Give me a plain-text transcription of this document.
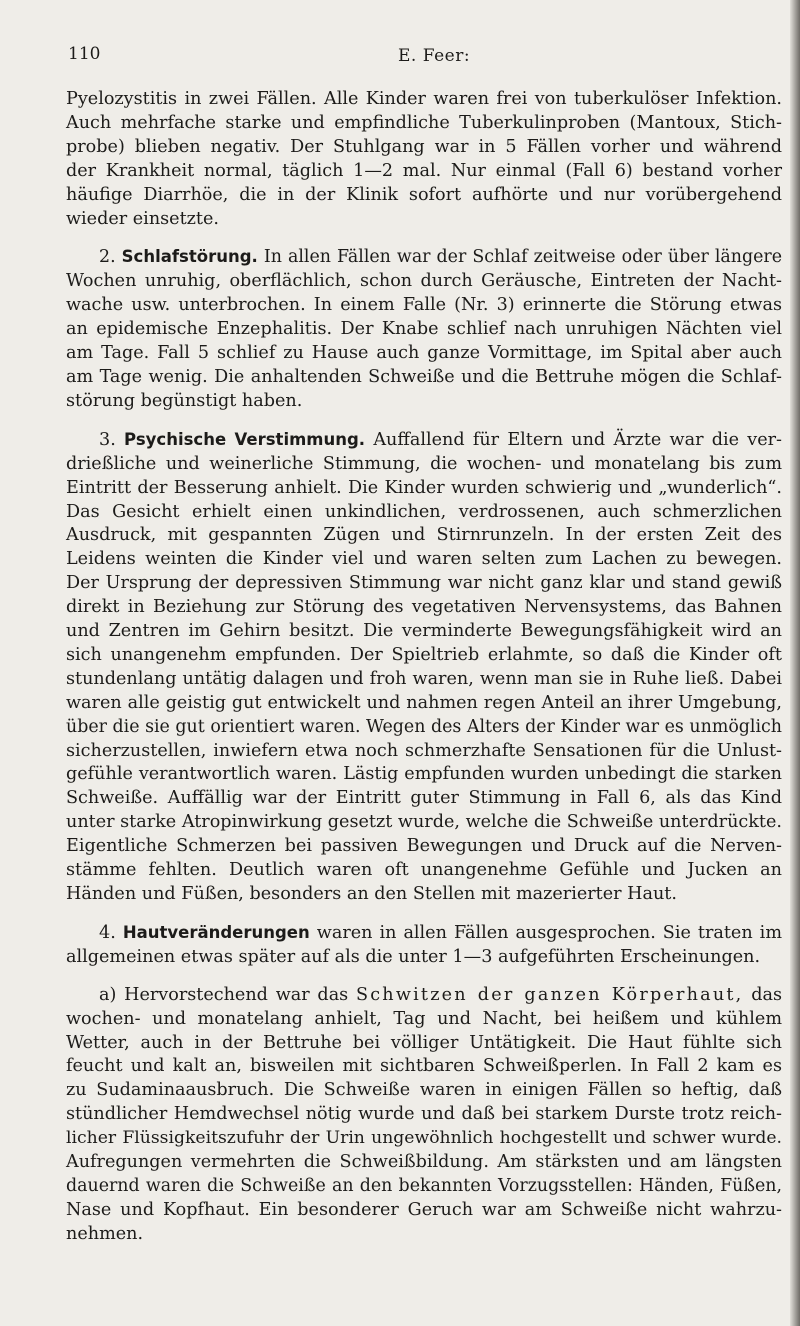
110	E. Feer:
Pyelozystitis in zwei Fällen. Alle Kinder waren frei von tuberkulöser Infektion.
Auch mehrfache starke und empfindliche Tuberkulinproben (Mantoux, Stich-
probe) blieben negativ. Der Stuhlgang war in 5 Fällen vorher und während
der Krankheit normal, täglich 1—2 mal. Nur einmal (Fall 6) bestand vorher
häufige Diarrhöe, die in der Klinik sofort aufhörte und nur vorübergehend
wieder einsetzte.
2. Schlafstörung. In allen Fällen war der Schlaf zeitweise oder über längere
Wochen unruhig, oberflächlich, schon durch Geräusche, Eintreten der Nacht-
wache usw. unterbrochen. In einem Falle (Nr. 3) erinnerte die Störung etwas
an epidemische Enzephalitis. Der Knabe schlief nach unruhigen Nächten viel
am Tage. Fall 5 schlief zu Hause auch ganze Vormittage, im Spital aber auch
am Tage wenig. Die anhaltenden Schweiße und die Bettruhe mögen die Schlaf-
störung begünstigt haben.
3. Psychische Verstimmung. Auffallend für Eltern und Ärzte war die ver-
drießliche und weinerliche Stimmung, die wochen- und monatelang bis zum
Eintritt der Besserung anhielt. Die Kinder wurden schwierig und „wunderlich“.
Das Gesicht erhielt einen unkindlichen, verdrossenen, auch schmerzlichen
Ausdruck, mit gespannten Zügen und Stirnrunzeln. In der ersten Zeit des
Leidens weinten die Kinder viel und waren selten zum Lachen zu bewegen.
Der Ursprung der depressiven Stimmung war nicht ganz klar und stand gewiß
direkt in Beziehung zur Störung des vegetativen Nervensystems, das Bahnen
und Zentren im Gehirn besitzt. Die verminderte Bewegungsfähigkeit wird an
sich unangenehm empfunden. Der Spieltrieb erlahmte, so daß die Kinder oft
stundenlang untätig dalagen und froh waren, wenn man sie in Ruhe ließ. Dabei
waren alle geistig gut entwickelt und nahmen regen Anteil an ihrer Umgebung,
über die sie gut orientiert waren. Wegen des Alters der Kinder war es unmöglich
sicherzustellen, inwiefern etwa noch schmerzhafte Sensationen für die Unlust-
gefühle verantwortlich waren. Lästig empfunden wurden unbedingt die starken
Schweiße. Auffällig war der Eintritt guter Stimmung in Fall 6, als das Kind
unter starke Atropinwirkung gesetzt wurde, welche die Schweiße unterdrückte.
Eigentliche Schmerzen bei passiven Bewegungen und Druck auf die Nerven-
stämme fehlten. Deutlich waren oft unangenehme Gefühle und Jucken an
Händen und Füßen, besonders an den Stellen mit mazerierter Haut.
4. Hautveränderungen waren in allen Fällen ausgesprochen. Sie traten im
allgemeinen etwas später auf als die unter 1—3 aufgeführten Erscheinungen.
a) Hervorstechend war das Schwitzen der ganzen Körperhaut, das
wochen- und monatelang anhielt, Tag und Nacht, bei heißem und kühlem
Wetter, auch in der Bettruhe bei völliger Untätigkeit. Die Haut fühlte sich
feucht und kalt an, bisweilen mit sichtbaren Schweißperlen. In Fall 2 kam es
zu Sudaminaausbruch. Die Schweiße waren in einigen Fällen so heftig, daß
stündlicher Hemdwechsel nötig wurde und daß bei starkem Durste trotz reich-
licher Flüssigkeitszufuhr der Urin ungewöhnlich hochgestellt und schwer wurde.
Aufregungen vermehrten die Schweißbildung. Am stärksten und am längsten
dauernd waren die Schweiße an den bekannten Vorzugsstellen: Händen, Füßen,
Nase und Kopfhaut. Ein besonderer Geruch war am Schweiße nicht wahrzu-
nehmen.
